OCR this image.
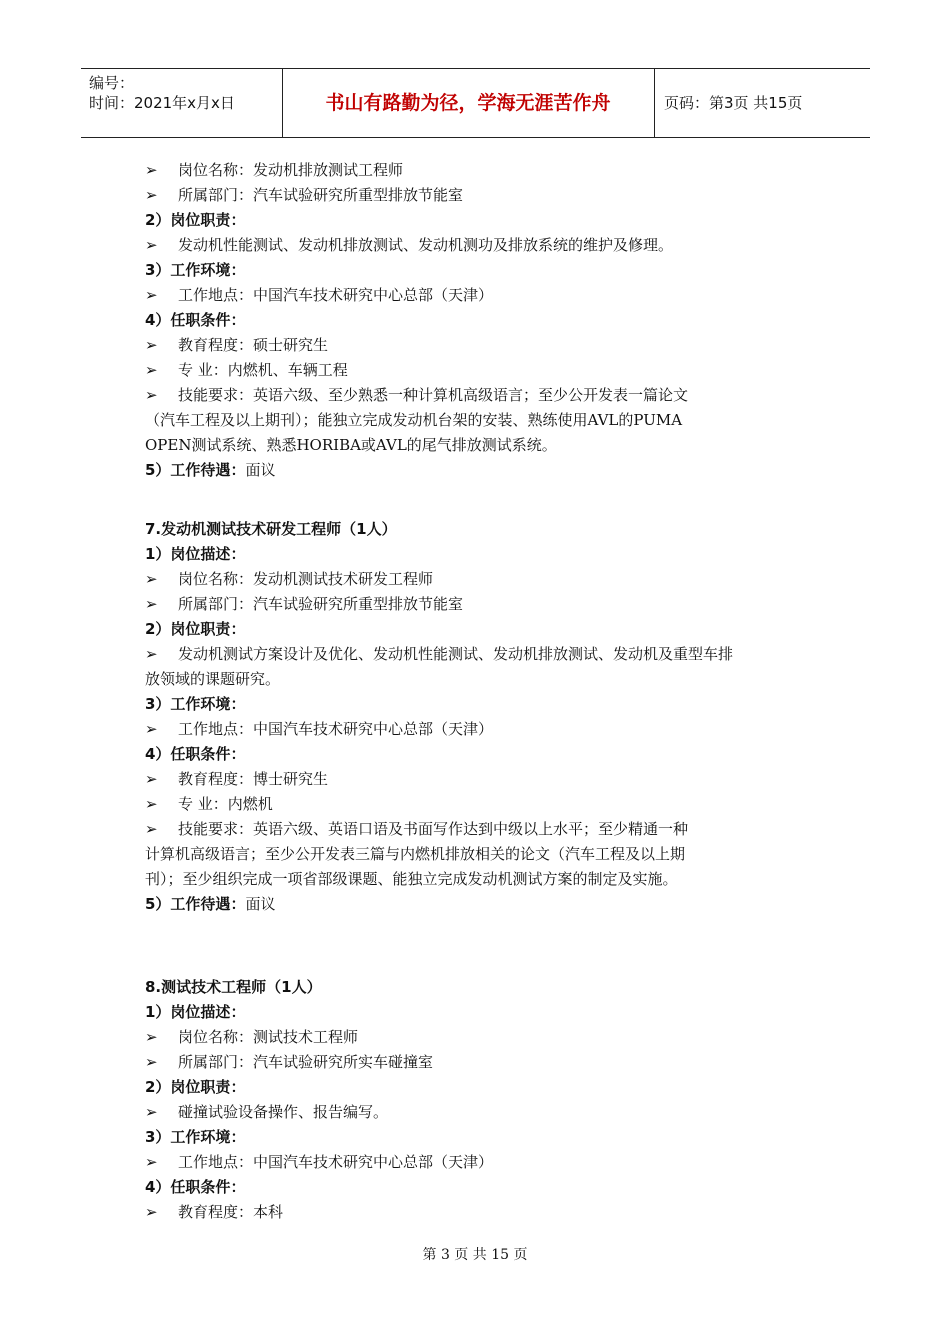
编号：
时间：2021年x月x日	书山有路勤为径，学海无涯苦作舟	页码：第3页 共15页
➢ 岗位名称：发动机排放测试工程师
➢ 所属部门：汽车试验研究所重型排放节能室
2）岗位职责：
➢ 发动机性能测试、发动机排放测试、发动机测功及排放系统的维护及修理。
3）工作环境：
➢ 工作地点：中国汽车技术研究中心总部（天津）
4）任职条件：
➢ 教育程度：硕士研究生
➢ 专 业：内燃机、车辆工程
➢ 技能要求：英语六级、至少熟悉一种计算机高级语言；至少公开发表一篇论文
（汽车工程及以上期刊）；能独立完成发动机台架的安装、熟练使用AVL的PUMA
OPEN测试系统、熟悉HORIBA或AVL的尾气排放测试系统。
5）工作待遇：面议
7.发动机测试技术研发工程师（1人）
1）岗位描述：
➢ 岗位名称：发动机测试技术研发工程师
➢ 所属部门：汽车试验研究所重型排放节能室
2）岗位职责：
➢ 发动机测试方案设计及优化、发动机性能测试、发动机排放测试、发动机及重型车排
放领域的课题研究。
3）工作环境：
➢ 工作地点：中国汽车技术研究中心总部（天津）
4）任职条件：
➢ 教育程度：博士研究生
➢ 专 业：内燃机
➢ 技能要求：英语六级、英语口语及书面写作达到中级以上水平；至少精通一种
计算机高级语言；至少公开发表三篇与内燃机排放相关的论文（汽车工程及以上期
刊）；至少组织完成一项省部级课题、能独立完成发动机测试方案的制定及实施。
5）工作待遇：面议
8.测试技术工程师（1人）
1）岗位描述：
➢ 岗位名称：测试技术工程师
➢ 所属部门：汽车试验研究所实车碰撞室
2）岗位职责：
➢ 碰撞试验设备操作、报告编写。
3）工作环境：
➢ 工作地点：中国汽车技术研究中心总部（天津）
4）任职条件：
➢ 教育程度：本科
第 3 页 共 15 页
